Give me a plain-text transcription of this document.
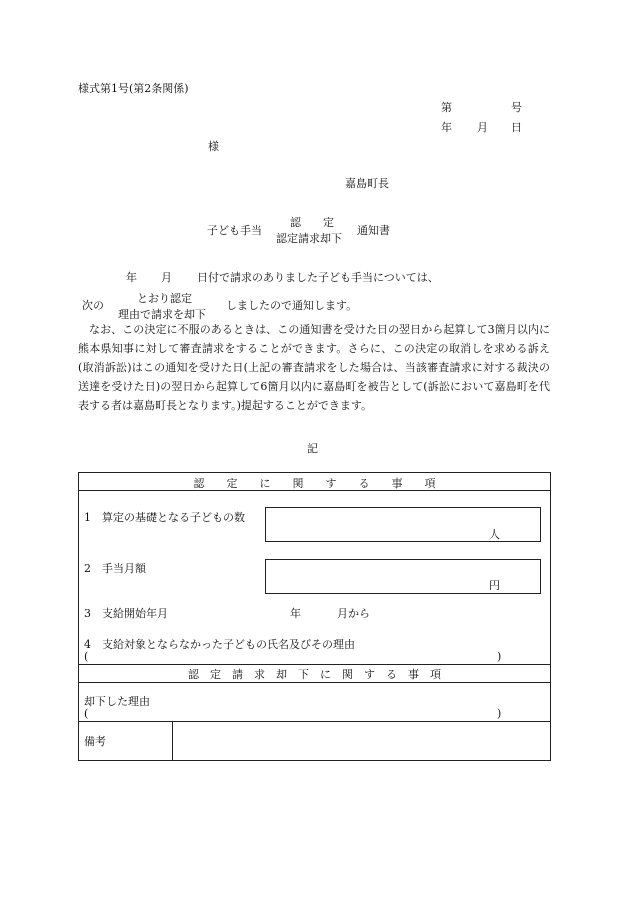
様式第1号(第2条関係)
第	号
年 月 日
様
嘉島町長
子ども手当
認　　定
認定請求却下
通知書
年 月 日付で請求のありました子ども手当については、
次の
とおり認定
理由で請求を却下
しましたので通知します。
なお、この決定に不服のあるときは、この通知書を受けた日の翌日から起算して3箇月以内に熊本県知事に対して審査請求をすることができます。さらに、この決定の取消しを求める訴え(取消訴訟)はこの通知を受けた日(上記の審査請求をした場合は、当該審査請求に対する裁決の送達を受けた日)の翌日から起算して6箇月以内に嘉島町を被告として(訴訟において嘉島町を代表する者は嘉島町長となります。)提起することができます。
記
認　　定　　に　　関　　す　　る　　事　　項
1　算定の基礎となる子どもの数
人
2　手当月額
円
3　支給開始年月	年	月から
4　支給対象とならなかった子どもの氏名及びその理由
(	)
認　定　請　求　却　下　に　関　す　る　事　項
却下した理由
(	)
備考
